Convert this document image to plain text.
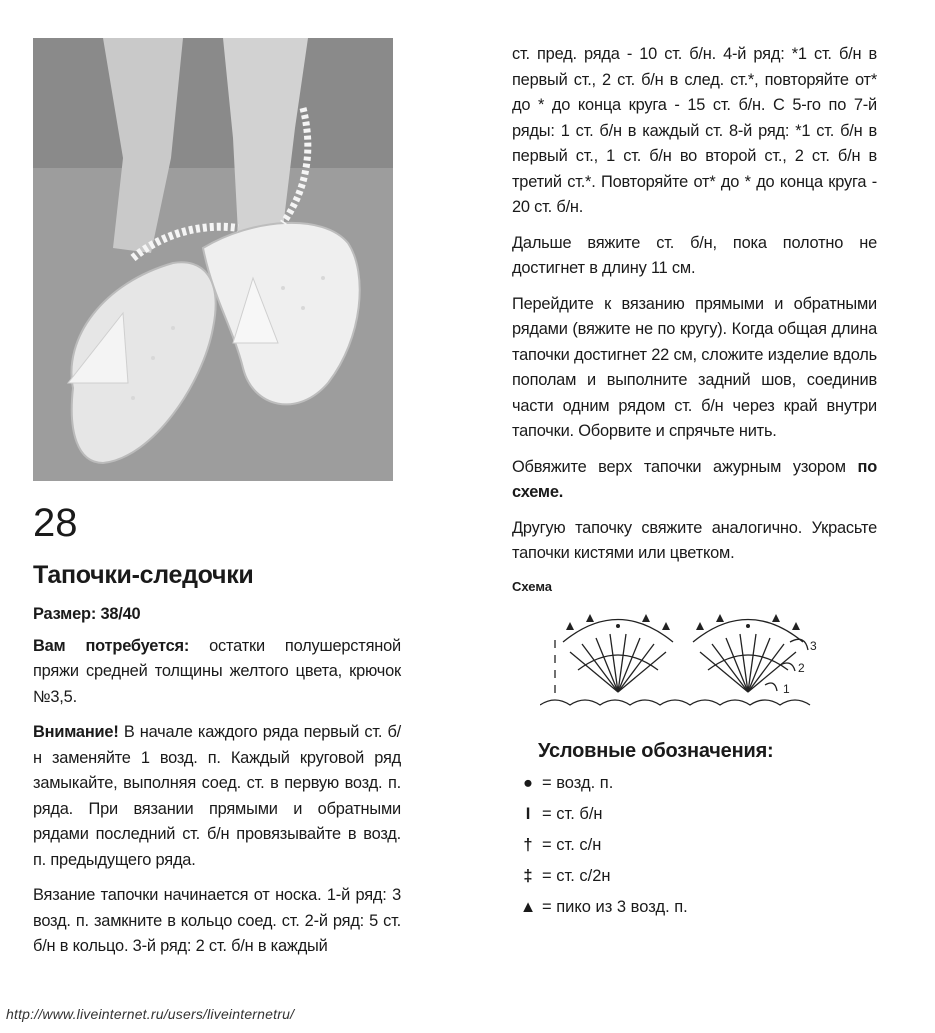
28
Тапочки-следочки

Размер: 38/40

Вам потребуется: остатки полушерстяной пряжи средней толщины желтого цвета, крючок №3,5.

Внимание! В начале каждого ряда первый ст. б/н заменяйте 1 возд. п. Каждый круговой ряд замыкайте, выполняя соед. ст. в первую возд. п. ряда. При вязании прямыми и обратными рядами последний ст. б/н провязывайте в возд. п. предыдущего ряда.

Вязание тапочки начинается от носка. 1-й ряд: 3 возд. п. замкните в кольцо соед. ст. 2-й ряд: 5 ст. б/н в кольцо. 3-й ряд: 2 ст. б/н в каждый

ст. пред. ряда - 10 ст. б/н. 4-й ряд: *1 ст. б/н в первый ст., 2 ст. б/н в след. ст.*, повторяйте от* до * до конца круга - 15 ст. б/н. С 5-го по 7-й ряды: 1 ст. б/н в каждый ст. 8-й ряд: *1 ст. б/н в первый ст., 1 ст. б/н во второй ст., 2 ст. б/н в третий ст.*. Повторяйте от* до * до конца круга - 20 ст. б/н.

Дальше вяжите ст. б/н, пока полотно не достигнет в длину 11 см.

Перейдите к вязанию прямыми и обратными рядами (вяжите не по кругу). Когда общая длина тапочки достигнет 22 см, сложите изделие вдоль пополам и выполните задний шов, соединив части одним рядом ст. б/н через край внутри тапочки. Оборвите и спрячьте нить.

Обвяжите верх тапочки ажурным узором по схеме.

Другую тапочку свяжите аналогично. Украсьте тапочки кистями или цветком.

Схема
3
2
1
Условные обозначения:
● = возд. п.
I = ст. б/н
† = ст. с/н
‡ = ст. с/2н
▲ = пико из 3 возд. п.
http://www.liveinternet.ru/users/liveinternetru/
